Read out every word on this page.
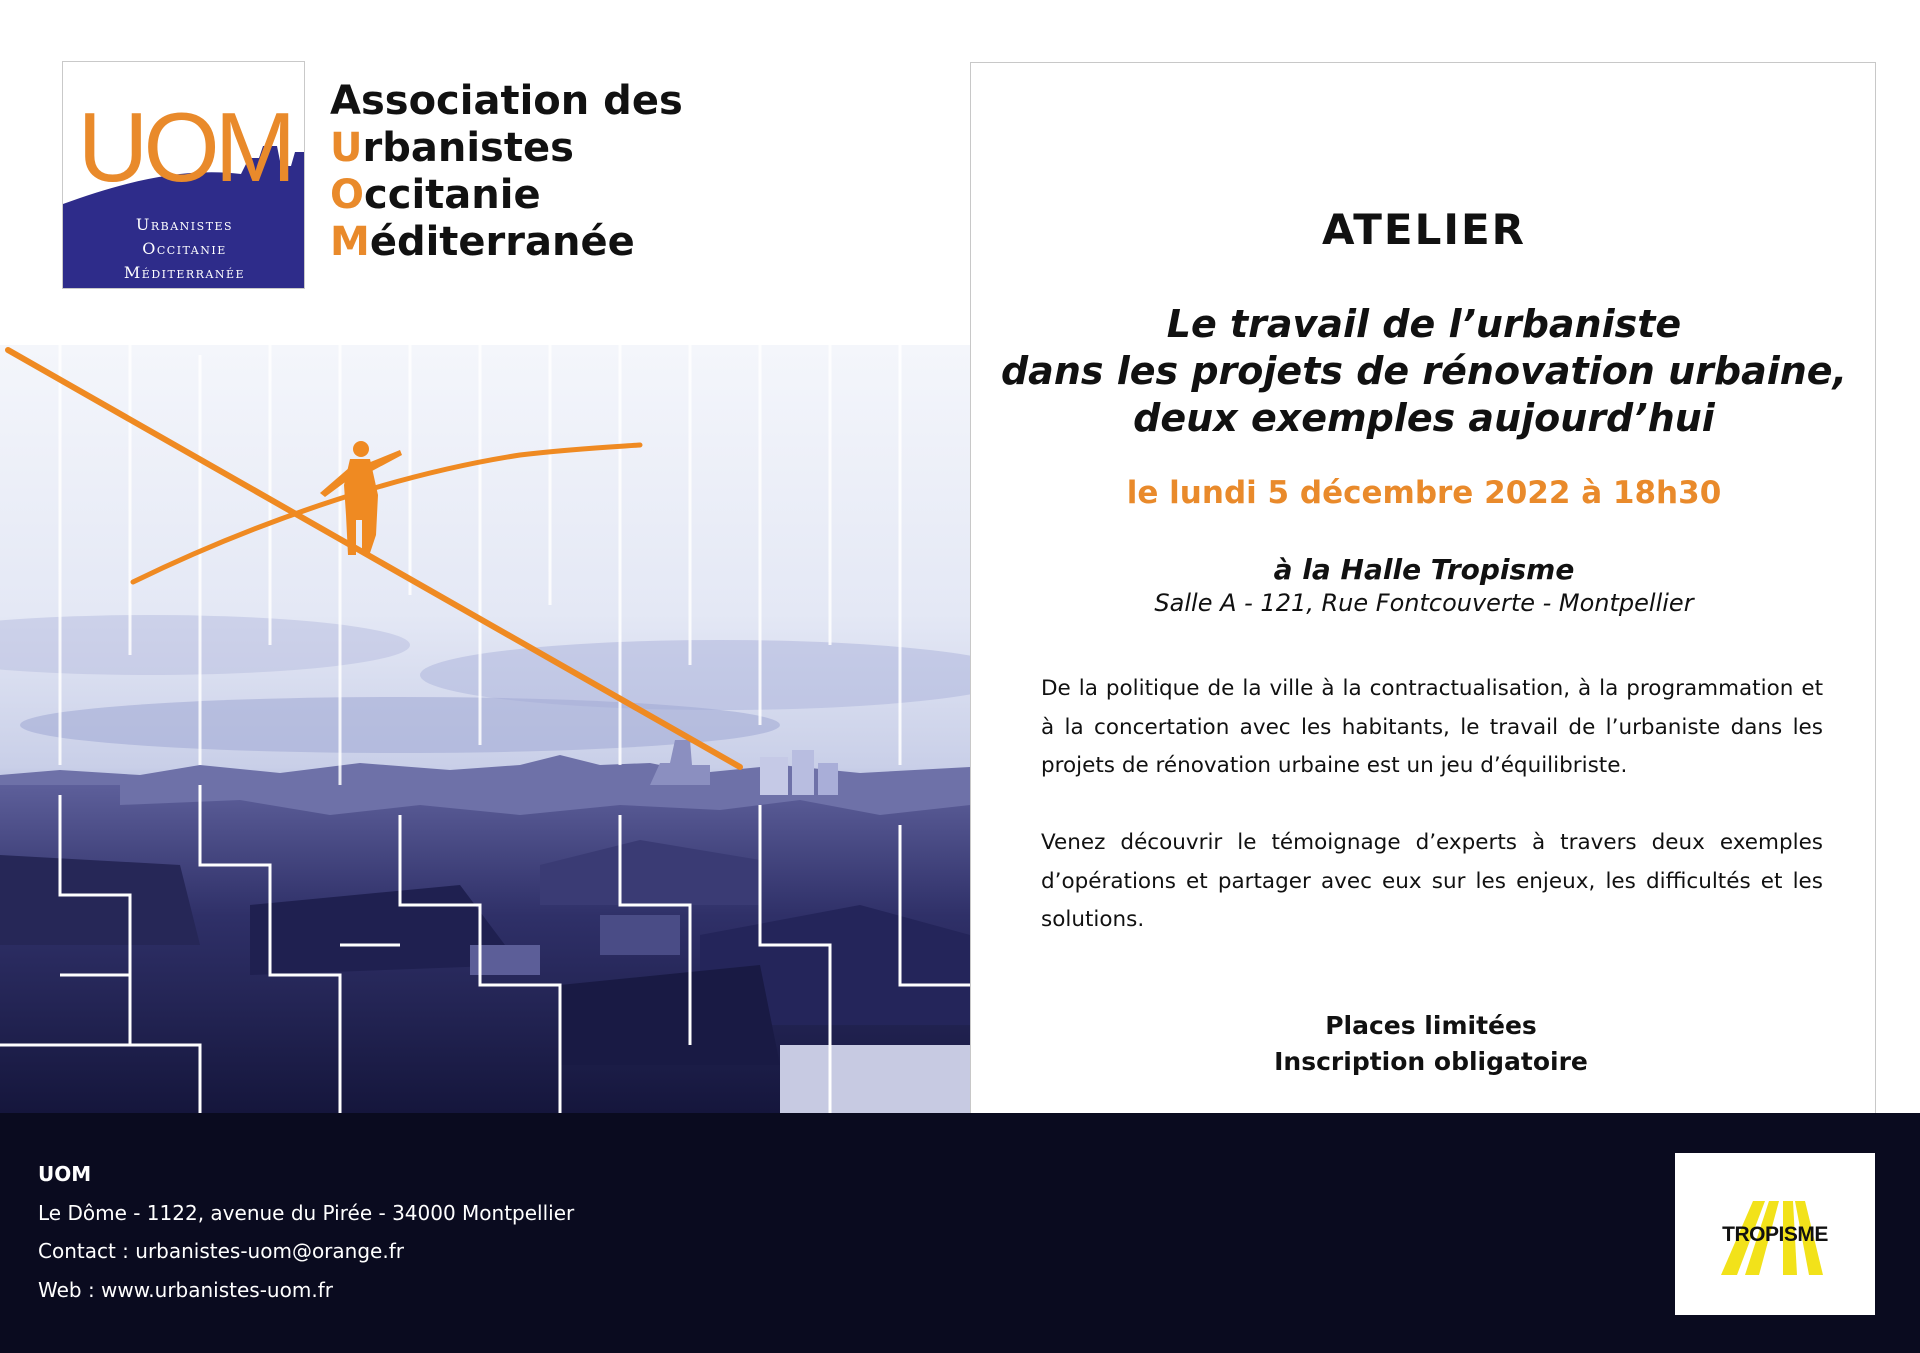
UOM
Urbanistes
Occitanie
Méditerranée
Association des
Urbanistes
Occitanie
Méditerranée	ATELIER
Le travail de l’urbaniste
dans les projets de rénovation urbaine,
deux exemples aujourd’hui
le lundi 5 décembre 2022 à 18h30
à la Halle Tropisme
Salle A - 121, Rue Fontcouverte - Montpellier
De la politique de la ville à la contractualisation, à la programmation et à la concertation avec les habitants, le travail de l’urbaniste dans les projets de rénovation urbaine est un jeu d’équilibriste.
Venez découvrir le témoignage d’experts à travers deux exemples d’opérations et partager avec eux sur les enjeux, les difficultés et les solutions.
Places limitées
Inscription obligatoire
UOM
Le Dôme - 1122, avenue du Pirée - 34000 Montpellier
Contact : urbanistes-uom@orange.fr
Web : www.urbanistes-uom.fr
TROPISME
